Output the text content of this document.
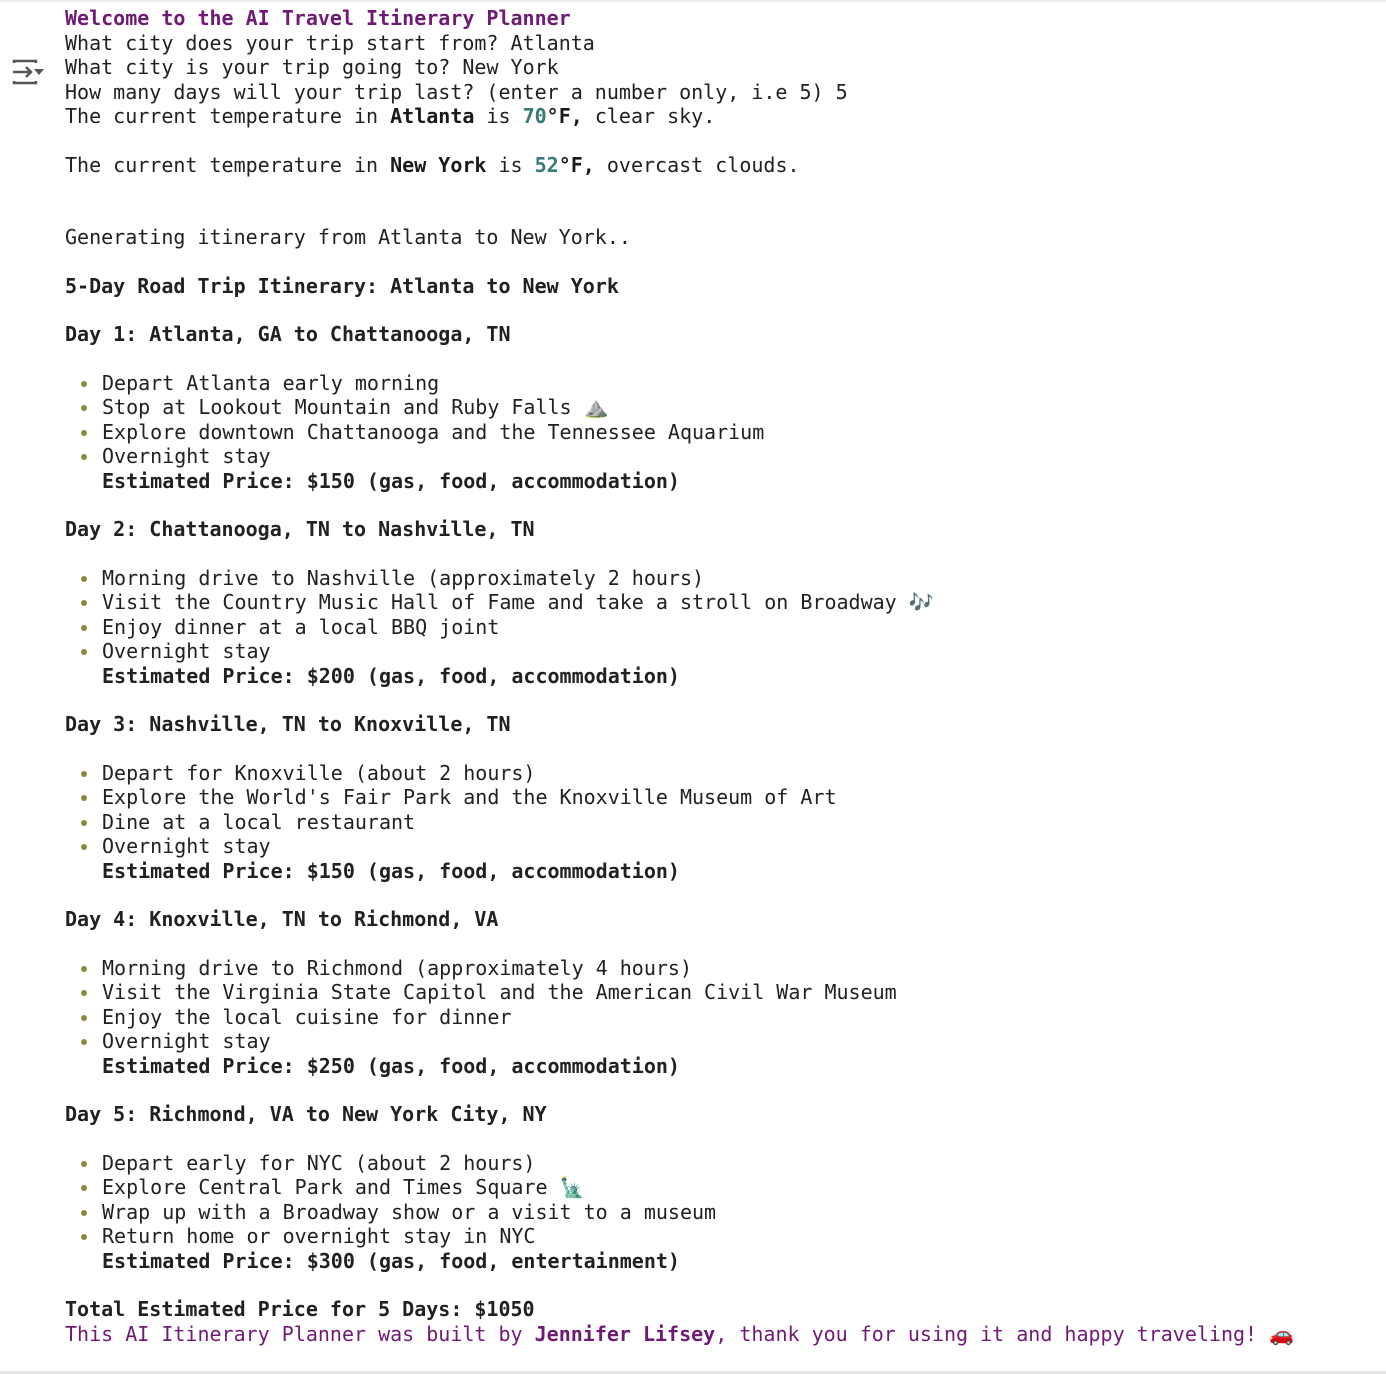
Welcome to the AI Travel Itinerary Planner
What city does your trip start from? Atlanta
What city is your trip going to? New York
How many days will your trip last? (enter a number only, i.e 5) 5
The current temperature in Atlanta is 70°F, clear sky.
The current temperature in New York is 52°F, overcast clouds.
Generating itinerary from Atlanta to New York..
5-Day Road Trip Itinerary: Atlanta to New York
Day 1: Atlanta, GA to Chattanooga, TN
Depart Atlanta early morning
Stop at Lookout Mountain and Ruby Falls ⛰️
Explore downtown Chattanooga and the Tennessee Aquarium
Overnight stay
Estimated Price: $150 (gas, food, accommodation)
Day 2: Chattanooga, TN to Nashville, TN
Morning drive to Nashville (approximately 2 hours)
Visit the Country Music Hall of Fame and take a stroll on Broadway 🎶
Enjoy dinner at a local BBQ joint
Overnight stay
Estimated Price: $200 (gas, food, accommodation)
Day 3: Nashville, TN to Knoxville, TN
Depart for Knoxville (about 2 hours)
Explore the World's Fair Park and the Knoxville Museum of Art
Dine at a local restaurant
Overnight stay
Estimated Price: $150 (gas, food, accommodation)
Day 4: Knoxville, TN to Richmond, VA
Morning drive to Richmond (approximately 4 hours)
Visit the Virginia State Capitol and the American Civil War Museum
Enjoy the local cuisine for dinner
Overnight stay
Estimated Price: $250 (gas, food, accommodation)
Day 5: Richmond, VA to New York City, NY
Depart early for NYC (about 2 hours)
Explore Central Park and Times Square 🗽
Wrap up with a Broadway show or a visit to a museum
Return home or overnight stay in NYC
Estimated Price: $300 (gas, food, entertainment)
Total Estimated Price for 5 Days: $1050
This AI Itinerary Planner was built by Jennifer Lifsey, thank you for using it and happy traveling! 🚗
